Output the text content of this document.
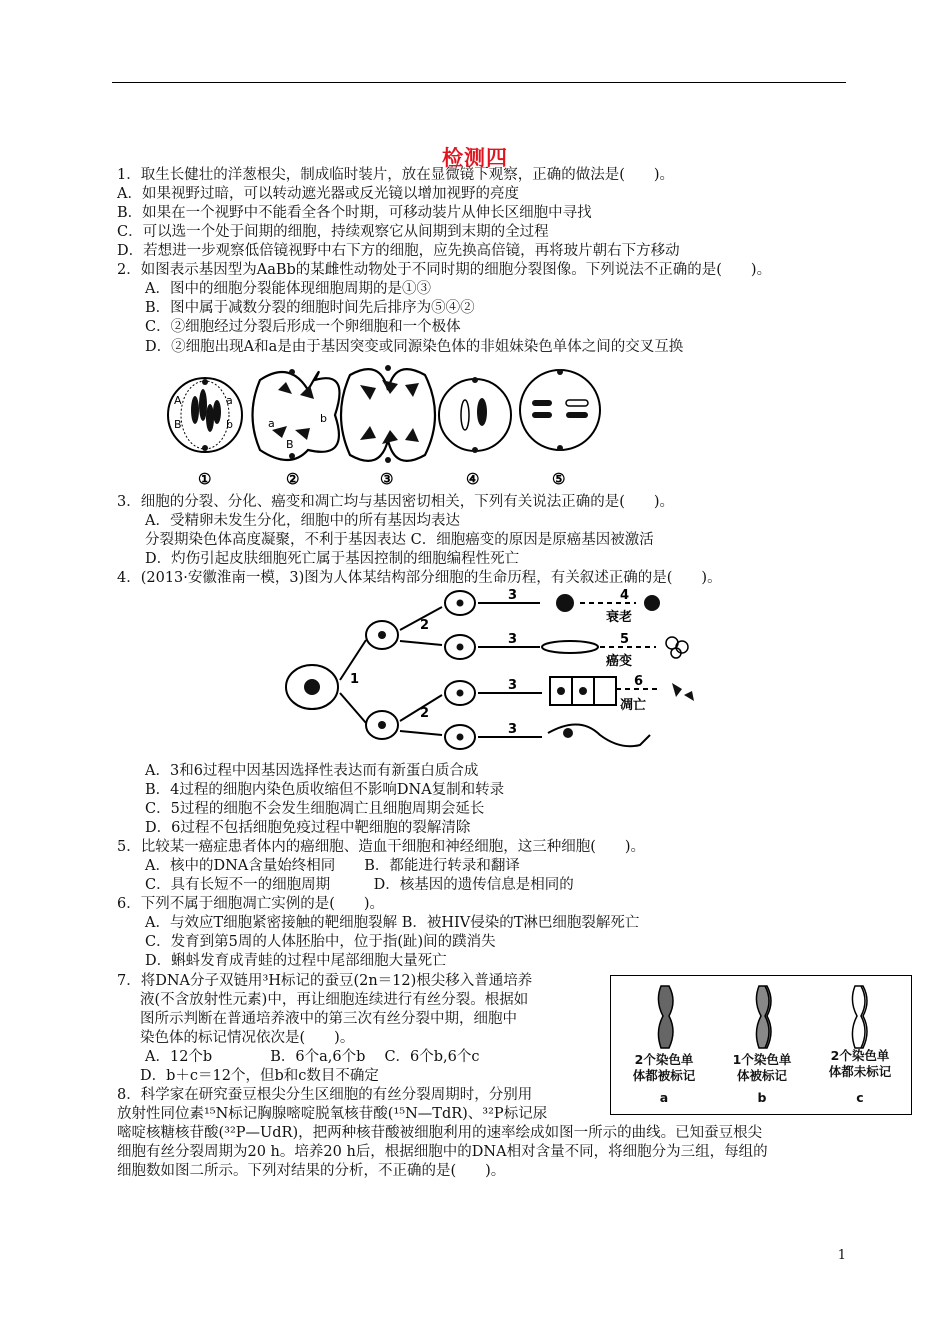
检测四
1．取生长健壮的洋葱根尖，制成临时装片，放在显微镜下观察，正确的做法是(　　)。
A．如果视野过暗，可以转动遮光器或反光镜以增加视野的亮度
B．如果在一个视野中不能看全各个时期，可移动装片从伸长区细胞中寻找
C．可以选一个处于间期的细胞，持续观察它从间期到末期的全过程
D．若想进一步观察低倍镜视野中右下方的细胞，应先换高倍镜，再将玻片朝右下方移动
2．如图表示基因型为AaBb的某雌性动物处于不同时期的细胞分裂图像。下列说法不正确的是(　　)。
A．图中的细胞分裂能体现细胞周期的是①③
B．图中属于减数分裂的细胞时间先后排序为⑤④②
C．②细胞经过分裂后形成一个卵细胞和一个极体
D．②细胞出现A和a是由于基因突变或同源染色体的非姐妹染色单体之间的交叉互换
A	a
B	b	a
B
b
①	②	③	④	⑤
3．细胞的分裂、分化、癌变和凋亡均与基因密切相关，下列有关说法正确的是(　　)。
A．受精卵未发生分化，细胞中的所有基因均表达
分裂期染色体高度凝聚，不利于基因表达 C．细胞癌变的原因是原癌基因被激活
D．灼伤引起皮肤细胞死亡属于基因控制的细胞编程性死亡
4．(2013·安徽淮南一模，3)图为人体某结构部分细胞的生命历程，有关叙述正确的是(　　)。
1
2
2
3
3
3
3
4
5
6
衰老
癌变
凋亡
A．3和6过程中因基因选择性表达而有新蛋白质合成
B．4过程的细胞内染色质收缩但不影响DNA复制和转录
C．5过程的细胞不会发生细胞凋亡且细胞周期会延长
D．6过程不包括细胞免疫过程中靶细胞的裂解清除
5．比较某一癌症患者体内的癌细胞、造血干细胞和神经细胞，这三种细胞(　　)。
A．核中的DNA含量始终相同　　B．都能进行转录和翻译
C．具有长短不一的细胞周期　　　D．核基因的遗传信息是相同的
6．下列不属于细胞凋亡实例的是(　　)。
A．与效应T细胞紧密接触的靶细胞裂解 B．被HIV侵染的T淋巴细胞裂解死亡
C．发育到第5周的人体胚胎中，位于指(趾)间的蹼消失
D．蝌蚪发育成青蛙的过程中尾部细胞大量死亡
7．将DNA分子双链用³H标记的蚕豆(2n＝12)根尖移入普通培养
液(不含放射性元素)中，再让细胞连续进行有丝分裂。根据如
图所示判断在普通培养液中的第三次有丝分裂中期，细胞中
染色体的标记情况依次是(　　)。
A．12个b　　　　B．6个a,6个b　 C．6个b,6个c
D．b＋c＝12个，但b和c数目不确定
2个染色单
体都被标记
a
1个染色单
体被标记
b
2个染色单
体都未标记
c
8．科学家在研究蚕豆根尖分生区细胞的有丝分裂周期时，分别用
放射性同位素¹⁵N标记胸腺嘧啶脱氧核苷酸(¹⁵N—TdR)、³²P标记尿
嘧啶核糖核苷酸(³²P—UdR)，把两种核苷酸被细胞利用的速率绘成如图一所示的曲线。已知蚕豆根尖
细胞有丝分裂周期为20 h。培养20 h后，根据细胞中的DNA相对含量不同，将细胞分为三组，每组的
细胞数如图二所示。下列对结果的分析，不正确的是(　　)。
1
